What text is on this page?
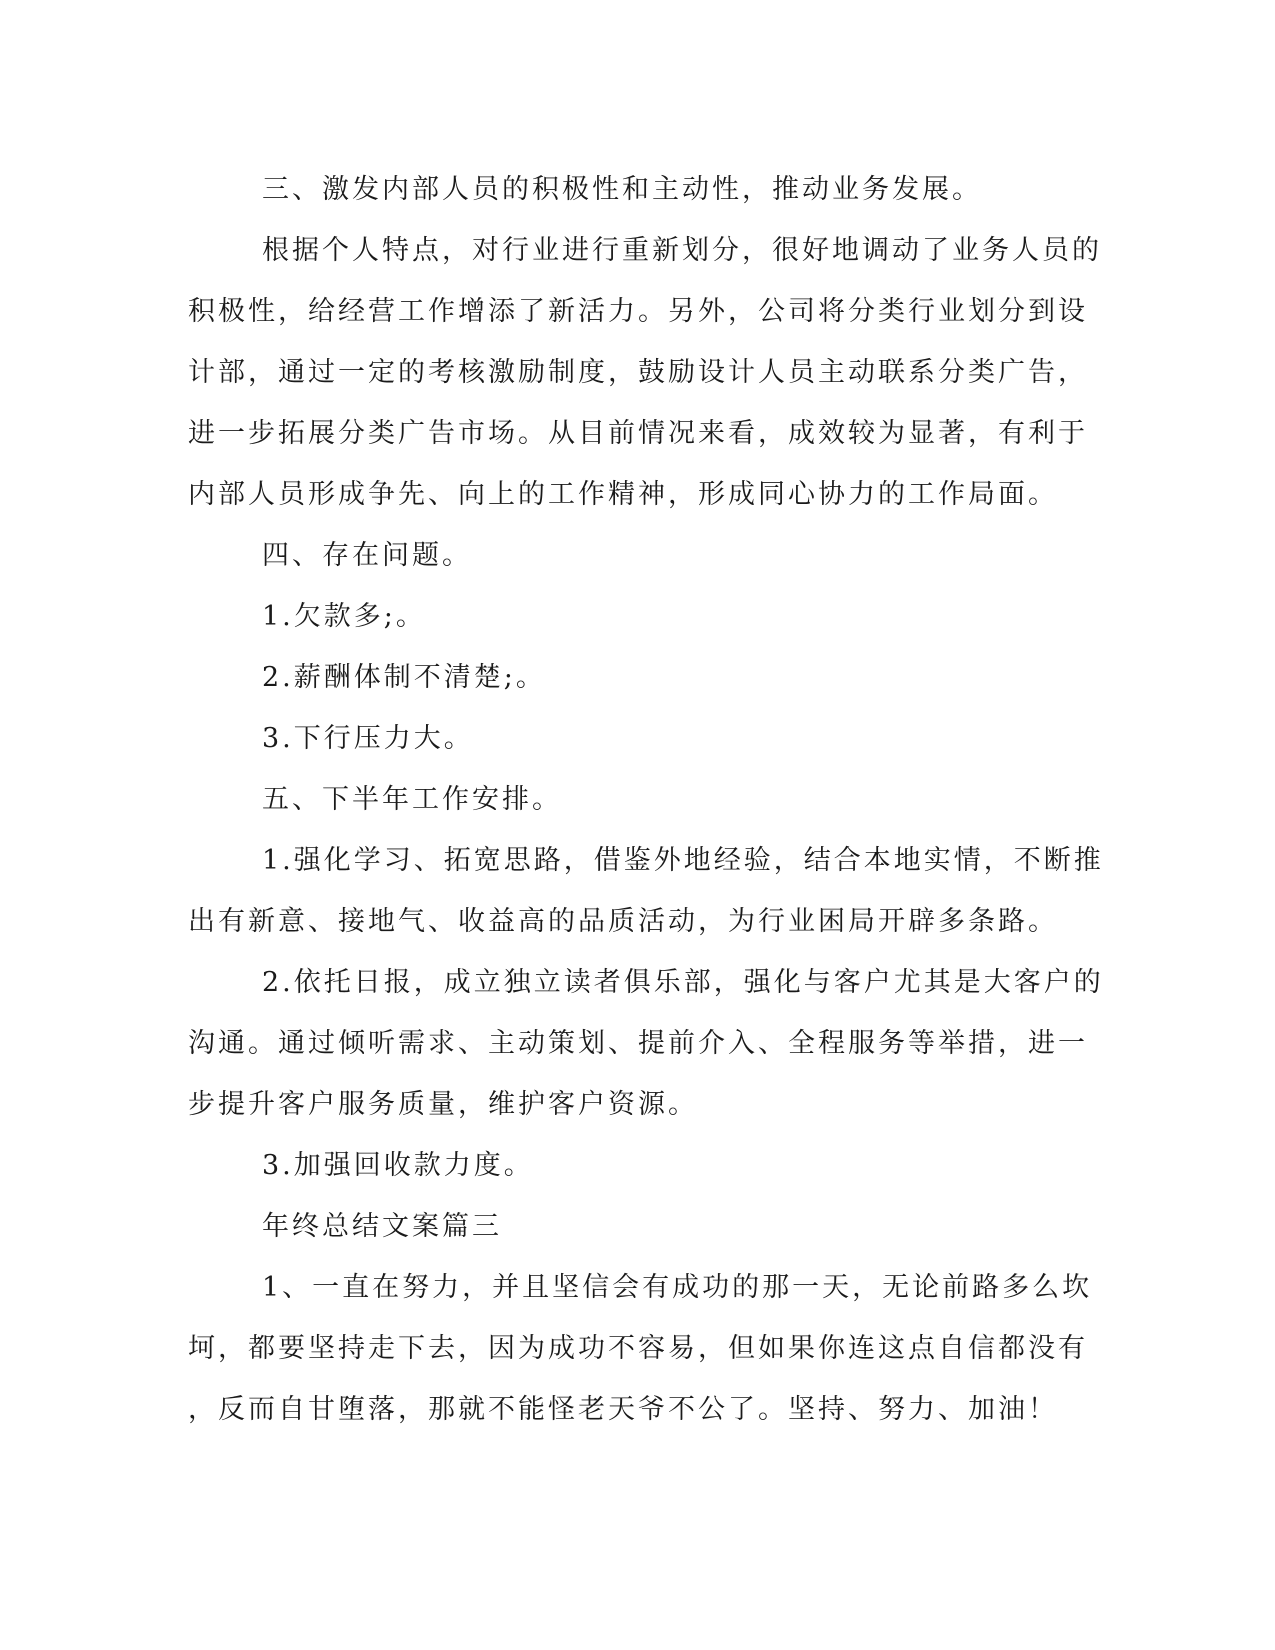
三、激发内部人员的积极性和主动性，推动业务发展。
根据个人特点，对行业进行重新划分，很好地调动了业务人员的
积极性，给经营工作增添了新活力。另外，公司将分类行业划分到设
计部，通过一定的考核激励制度，鼓励设计人员主动联系分类广告，
进一步拓展分类广告市场。从目前情况来看，成效较为显著，有利于
内部人员形成争先、向上的工作精神，形成同心协力的工作局面。
四、存在问题。
1.欠款多;。
2.薪酬体制不清楚;。
3.下行压力大。
五、下半年工作安排。
1.强化学习、拓宽思路，借鉴外地经验，结合本地实情，不断推
出有新意、接地气、收益高的品质活动，为行业困局开辟多条路。
2.依托日报，成立独立读者俱乐部，强化与客户尤其是大客户的
沟通。通过倾听需求、主动策划、提前介入、全程服务等举措，进一
步提升客户服务质量，维护客户资源。
3.加强回收款力度。
年终总结文案篇三
1、一直在努力，并且坚信会有成功的那一天，无论前路多么坎
坷，都要坚持走下去，因为成功不容易，但如果你连这点自信都没有
，反而自甘堕落，那就不能怪老天爷不公了。坚持、努力、加油！
